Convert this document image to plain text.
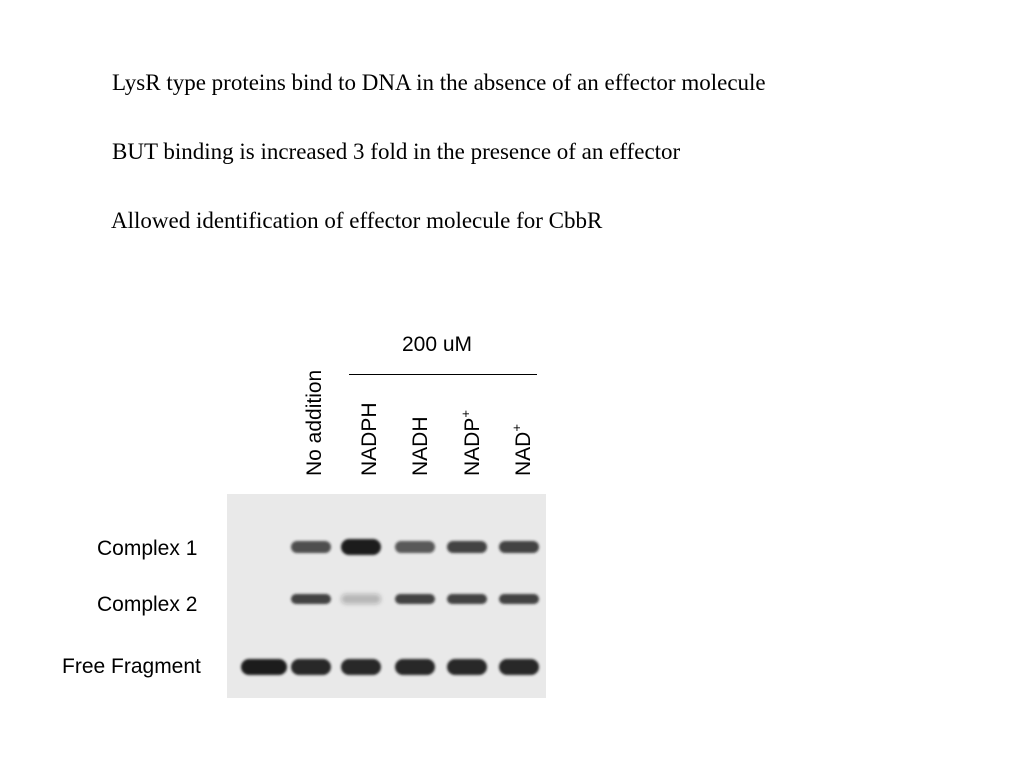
LysR type proteins bind to DNA in the absence of an effector molecule
BUT binding is increased 3 fold in the presence of an effector
Allowed identification of effector molecule for CbbR
200 uM
No addition NADPH NADH NADP+
NAD+
Complex 1
Complex 2
Free Fragment
